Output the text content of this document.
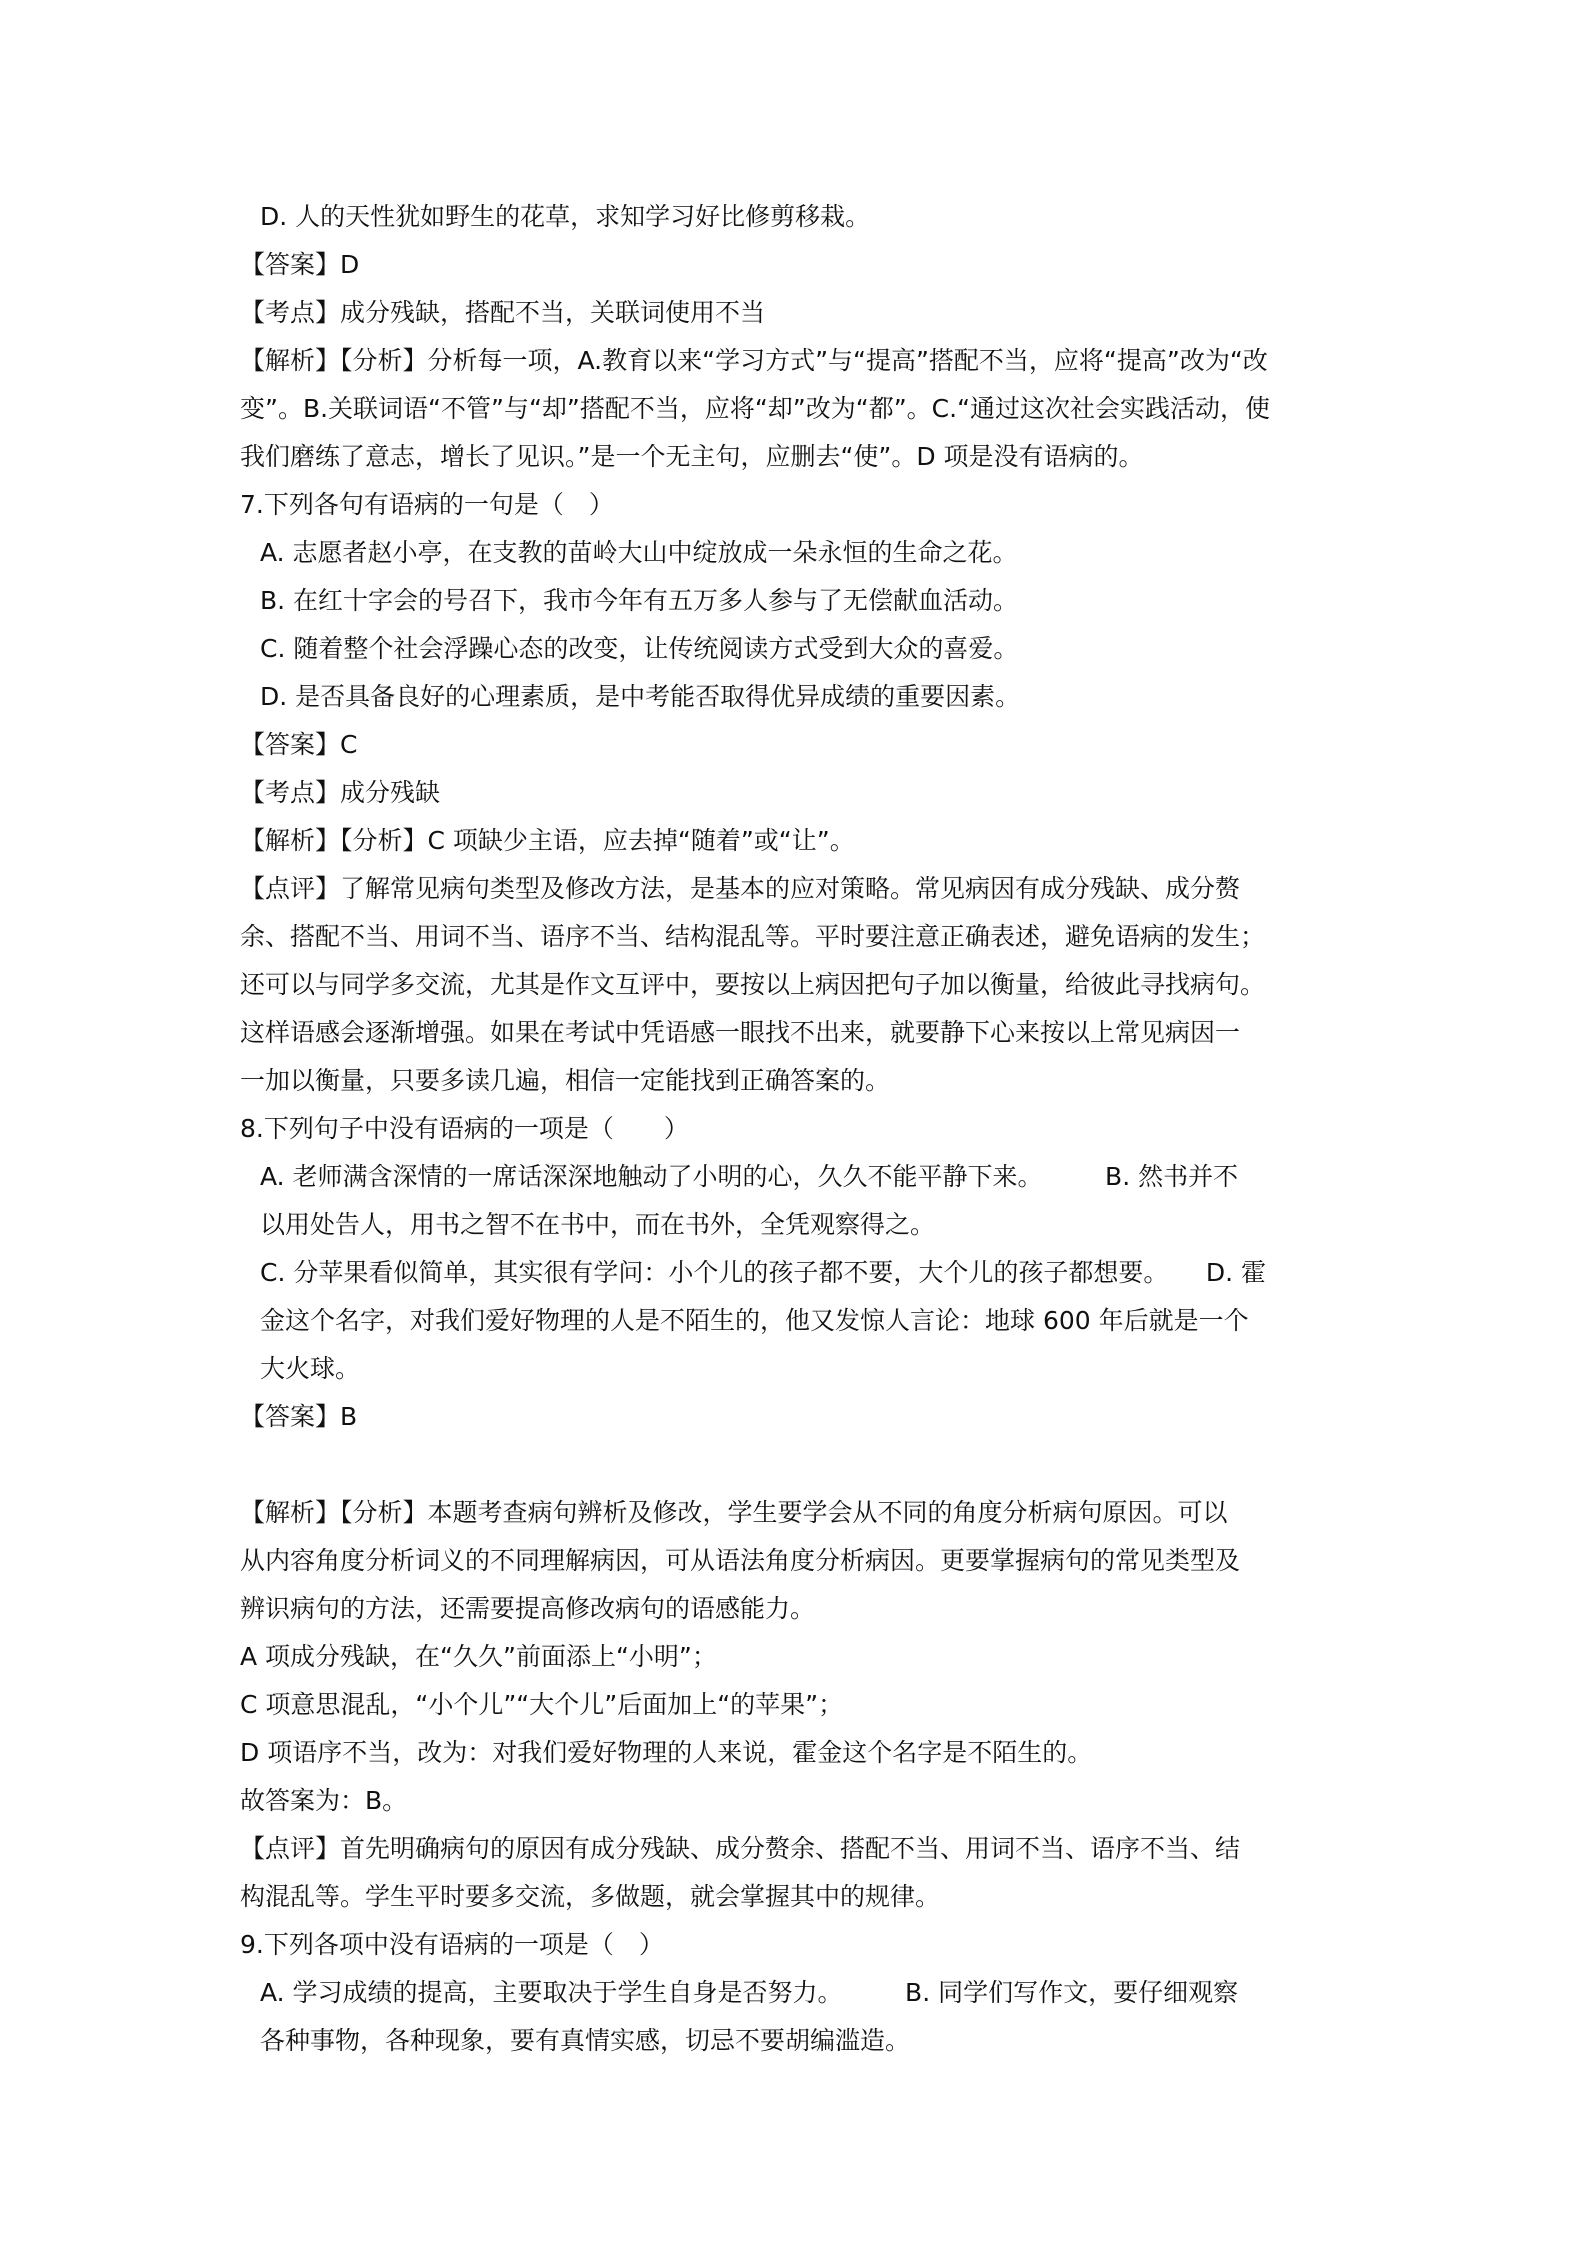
D. 人的天性犹如野生的花草，求知学习好比修剪移栽。
【答案】D
【考点】成分残缺，搭配不当，关联词使用不当
【解析】【分析】分析每一项，A.教育以来“学习方式”与“提高”搭配不当，应将“提高”改为“改
变”。B.关联词语“不管”与“却”搭配不当，应将“却”改为“都”。C.“通过这次社会实践活动，使
我们磨练了意志，增长了见识。”是一个无主句，应删去“使”。D 项是没有语病的。
7.下列各句有语病的一句是（　）
A. 志愿者赵小亭，在支教的苗岭大山中绽放成一朵永恒的生命之花。
B. 在红十字会的号召下，我市今年有五万多人参与了无偿献血活动。
C. 随着整个社会浮躁心态的改变，让传统阅读方式受到大众的喜爱。
D. 是否具备良好的心理素质，是中考能否取得优异成绩的重要因素。
【答案】C
【考点】成分残缺
【解析】【分析】C 项缺少主语，应去掉“随着”或“让”。
【点评】了解常见病句类型及修改方法，是基本的应对策略。常见病因有成分残缺、成分赘
余、搭配不当、用词不当、语序不当、结构混乱等。平时要注意正确表述，避免语病的发生；
还可以与同学多交流，尤其是作文互评中，要按以上病因把句子加以衡量，给彼此寻找病句。
这样语感会逐渐增强。如果在考试中凭语感一眼找不出来，就要静下心来按以上常见病因一
一加以衡量，只要多读几遍，相信一定能找到正确答案的。
8.下列句子中没有语病的一项是（　　）
A. 老师满含深情的一席话深深地触动了小明的心，久久不能平静下来。　　　B. 然书并不
以用处告人，用书之智不在书中，而在书外，全凭观察得之。
C. 分苹果看似简单，其实很有学问：小个儿的孩子都不要，大个儿的孩子都想要。　　D. 霍
金这个名字，对我们爱好物理的人是不陌生的，他又发惊人言论：地球 600 年后就是一个
大火球。
【答案】B
【解析】【分析】本题考查病句辨析及修改，学生要学会从不同的角度分析病句原因。可以
从内容角度分析词义的不同理解病因，可从语法角度分析病因。更要掌握病句的常见类型及
辨识病句的方法，还需要提高修改病句的语感能力。
A 项成分残缺，在“久久”前面添上“小明”；
C 项意思混乱，“小个儿”“大个儿”后面加上“的苹果”；
D 项语序不当，改为：对我们爱好物理的人来说，霍金这个名字是不陌生的。
故答案为：B。
【点评】首先明确病句的原因有成分残缺、成分赘余、搭配不当、用词不当、语序不当、结
构混乱等。学生平时要多交流，多做题，就会掌握其中的规律。
9.下列各项中没有语病的一项是（　）
A. 学习成绩的提高，主要取决于学生自身是否努力。　　　B. 同学们写作文，要仔细观察
各种事物，各种现象，要有真情实感，切忌不要胡编滥造。
